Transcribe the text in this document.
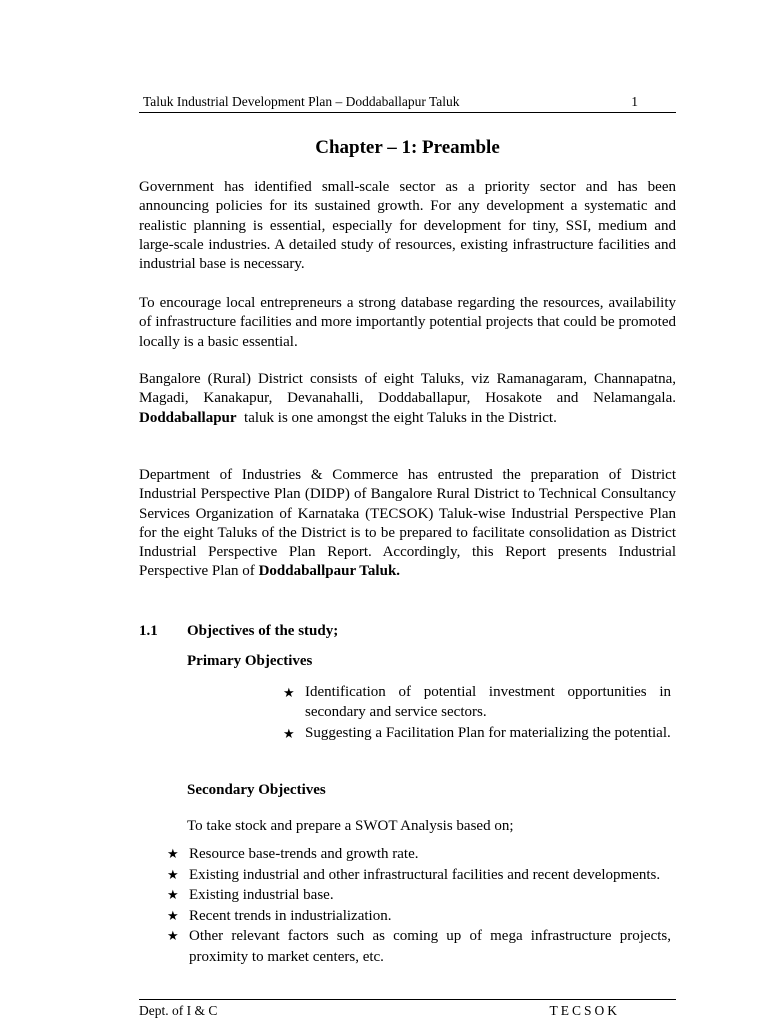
Taluk Industrial Development Plan – Doddaballapur Taluk	1
Chapter – 1: Preamble

Government has identified small-scale sector as a priority sector and has been announcing policies for its sustained growth. For any development a systematic and realistic planning is essential, especially for development for tiny, SSI, medium and large-scale industries. A detailed study of resources, existing infrastructure facilities and industrial base is necessary.

To encourage local entrepreneurs a strong database regarding the resources, availability of infrastructure facilities and more importantly potential projects that could be promoted locally is a basic essential.

Bangalore (Rural) District consists of eight Taluks, viz Ramanagaram, Channapatna, Magadi, Kanakapur, Devanahalli, Doddaballapur, Hosakote and Nelamangala. Doddaballapur taluk is one amongst the eight Taluks in the District.

Department of Industries & Commerce has entrusted the preparation of District Industrial Perspective Plan (DIDP) of Bangalore Rural District to Technical Consultancy Services Organization of Karnataka (TECSOK) Taluk-wise Industrial Perspective Plan for the eight Taluks of the District is to be prepared to facilitate consolidation as District Industrial Perspective Plan Report. Accordingly, this Report presents Industrial Perspective Plan of Doddaballpaur Taluk.

1.1 Objectives of the study;
Primary Objectives
★ Identification of potential investment opportunities in secondary and service sectors.
★ Suggesting a Facilitation Plan for materializing the potential.
Secondary Objectives
To take stock and prepare a SWOT Analysis based on;
★ Resource base-trends and growth rate.
★ Existing industrial and other infrastructural facilities and recent developments.
★ Existing industrial base.
★ Recent trends in industrialization.
★ Other relevant factors such as coming up of mega infrastructure projects, proximity to market centers, etc.
Dept. of I & C	TECSOK
